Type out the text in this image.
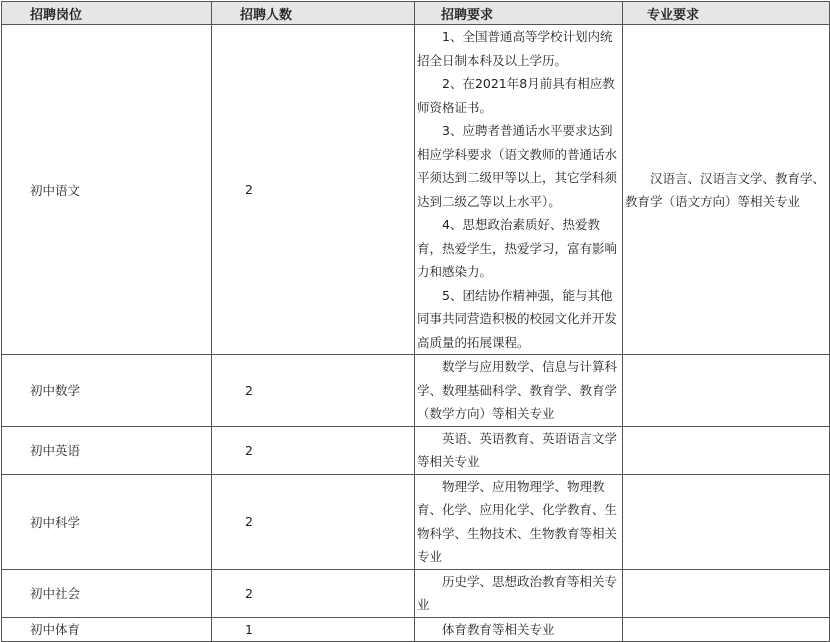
招聘岗位	招聘人数	招聘要求	专业要求
初中语文	2	1、全国普通高等学校计划内统招全日制本科及以上学历。

2、在2021年8月前具有相应教师资格证书。

3、应聘者普通话水平要求达到相应学科要求（语文教师的普通话水平须达到二级甲等以上，其它学科须达到二级乙等以上水平）。

4、思想政治素质好、热爱教育，热爱学生，热爱学习，富有影响力和感染力。

5、团结协作精神强，能与其他同事共同营造积极的校园文化并开发高质量的拓展课程。	汉语言、汉语言文学、教育学、教育学（语文方向）等相关专业

初中数学	2	数学与应用数学、信息与计算科学、数理基础科学、教育学、教育学（数学方向）等相关专业	

初中英语	2	英语、英语教育、英语语言文学等相关专业	

初中科学	2	物理学、应用物理学、物理教育、化学、应用化学、化学教育、生物科学、生物技术、生物教育等相关专业	

初中社会	2	历史学、思想政治教育等相关专业	

初中体育	1	体育教育等相关专业	
